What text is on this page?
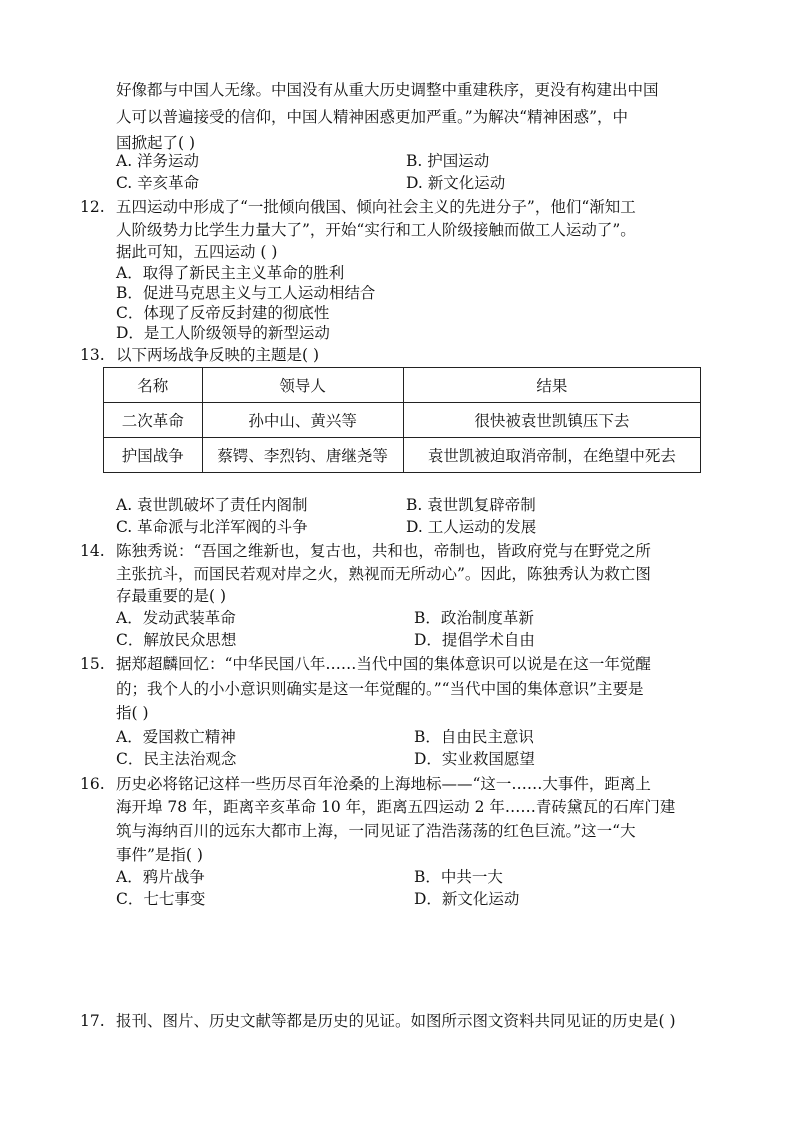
好像都与中国人无缘。中国没有从重大历史调整中重建秩序，更没有构建出中国
人可以普遍接受的信仰，中国人精神困惑更加严重。”为解决“精神困惑”，中
国掀起了( )
A. 洋务运动	B. 护国运动
C. 辛亥革命	D. 新文化运动
12. 五四运动中形成了“一批倾向俄国、倾向社会主义的先进分子”，他们“渐知工
人阶级势力比学生力量大了”，开始“实行和工人阶级接触而做工人运动了”。
据此可知，五四运动 ( )
A．取得了新民主主义革命的胜利
B．促进马克思主义与工人运动相结合
C．体现了反帝反封建的彻底性
D．是工人阶级领导的新型运动
13. 以下两场战争反映的主题是( )
名称	领导人	结果
二次革命	孙中山、黄兴等	很快被袁世凯镇压下去
护国战争	蔡锷、李烈钧、唐继尧等	袁世凯被迫取消帝制，在绝望中死去
A. 袁世凯破坏了责任内阁制	B. 袁世凯复辟帝制
C. 革命派与北洋军阀的斗争	D. 工人运动的发展
14. 陈独秀说：“吾国之维新也，复古也，共和也，帝制也，皆政府党与在野党之所
主张抗斗，而国民若观对岸之火，熟视而无所动心”。因此，陈独秀认为救亡图
存最重要的是( )
A．发动武装革命	B．政治制度革新
C．解放民众思想	D．提倡学术自由
15. 据郑超麟回忆：“中华民国八年……当代中国的集体意识可以说是在这一年觉醒
的；我个人的小小意识则确实是这一年觉醒的。”“当代中国的集体意识”主要是
指( )
A．爱国救亡精神	B．自由民主意识
C．民主法治观念	D．实业救国愿望
16. 历史必将铭记这样一些历尽百年沧桑的上海地标——“这一……大事件，距离上
海开埠 78 年，距离辛亥革命 10 年，距离五四运动 2 年……青砖黛瓦的石库门建
筑与海纳百川的远东大都市上海，一同见证了浩浩荡荡的红色巨流。”这一“大
事件”是指( )
A．鸦片战争	B．中共一大
C．七七事变	D．新文化运动
17. 报刊、图片、历史文献等都是历史的见证。如图所示图文资料共同见证的历史是( )
